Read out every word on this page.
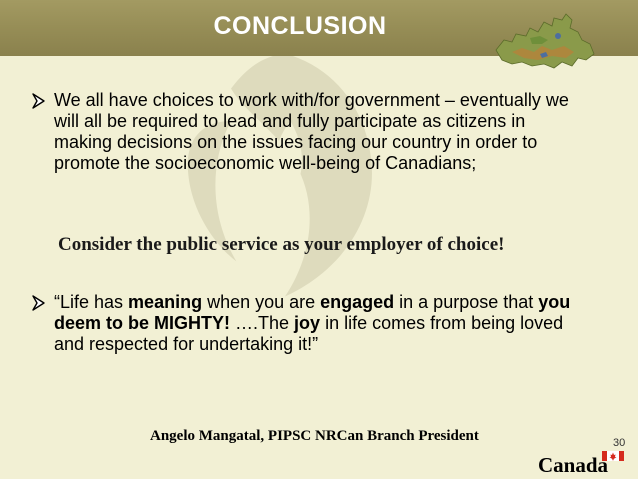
CONCLUSION
We all have choices to work with/for government – eventually we will all be required to lead and fully participate as citizens in making decisions on the issues facing our country in order to promote the socioeconomic well-being of Canadians;
Consider the public service as your employer of choice!
“Life has meaning when you are engaged in a purpose that you deem to be MIGHTY! ….The joy in life comes from being loved and respected for undertaking it!”
Angelo Mangatal, PIPSC NRCan Branch President	30
Canada
